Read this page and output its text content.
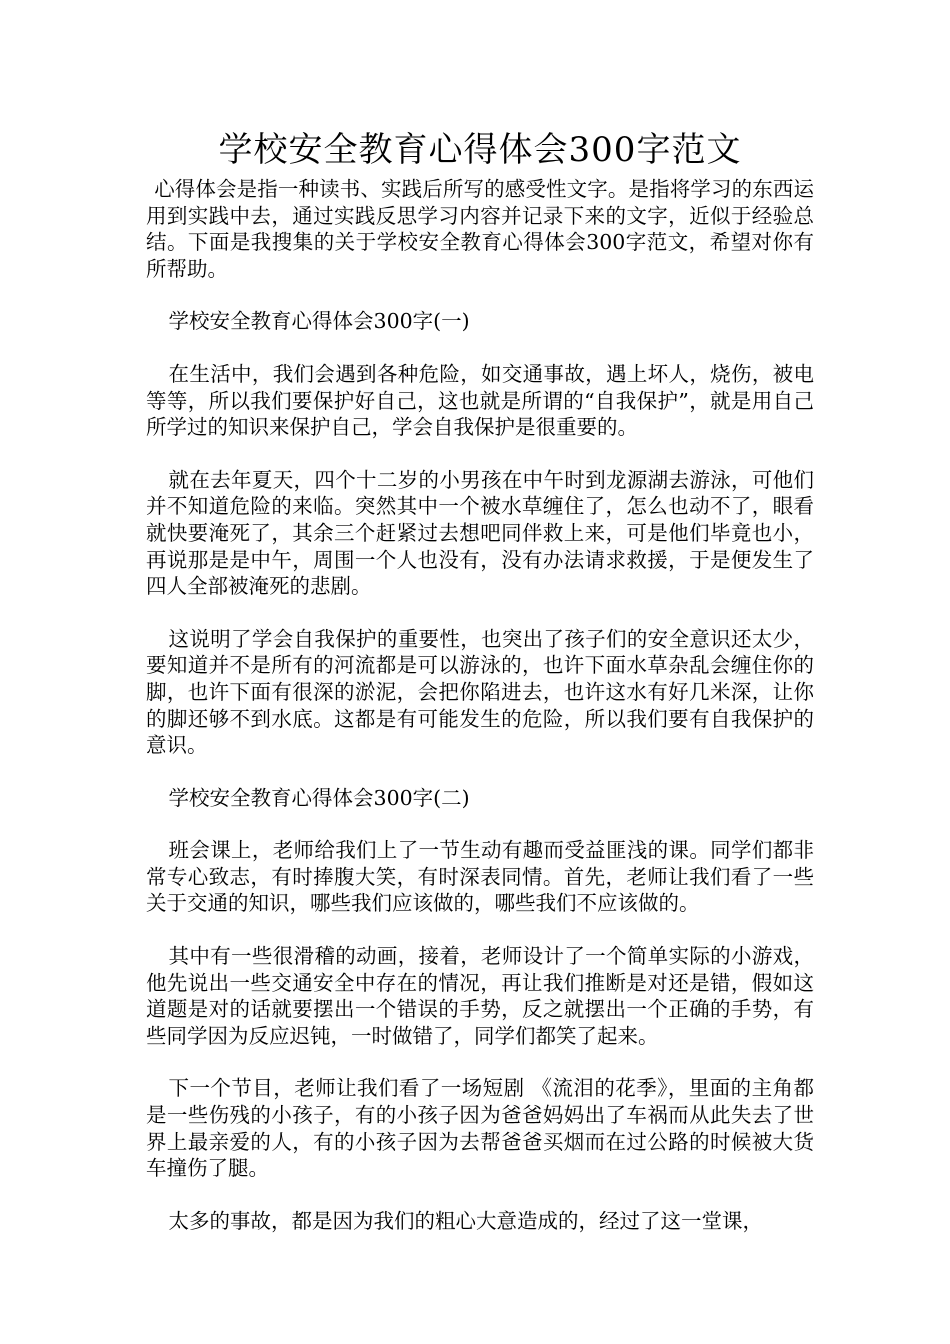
学校安全教育心得体会300字范文

心得体会是指一种读书、实践后所写的感受性文字。是指将学习的东西运用到实践中去，通过实践反思学习内容并记录下来的文字，近似于经验总结。下面是我搜集的关于学校安全教育心得体会300字范文，希望对你有所帮助。

学校安全教育心得体会300字(一)

在生活中，我们会遇到各种危险，如交通事故，遇上坏人，烧伤，被电等等，所以我们要保护好自己，这也就是所谓的“自我保护”，就是用自己所学过的知识来保护自己，学会自我保护是很重要的。

就在去年夏天，四个十二岁的小男孩在中午时到龙源湖去游泳，可他们并不知道危险的来临。突然其中一个被水草缠住了，怎么也动不了，眼看就快要淹死了，其余三个赶紧过去想吧同伴救上来，可是他们毕竟也小，再说那是是中午，周围一个人也没有，没有办法请求救援，于是便发生了四人全部被淹死的悲剧。

这说明了学会自我保护的重要性，也突出了孩子们的安全意识还太少，要知道并不是所有的河流都是可以游泳的，也许下面水草杂乱会缠住你的脚，也许下面有很深的淤泥，会把你陷进去，也许这水有好几米深，让你的脚还够不到水底。这都是有可能发生的危险，所以我们要有自我保护的意识。

学校安全教育心得体会300字(二)

班会课上，老师给我们上了一节生动有趣而受益匪浅的课。同学们都非常专心致志，有时捧腹大笑，有时深表同情。首先，老师让我们看了一些关于交通的知识，哪些我们应该做的，哪些我们不应该做的。

其中有一些很滑稽的动画，接着，老师设计了一个简单实际的小游戏，他先说出一些交通安全中存在的情况，再让我们推断是对还是错，假如这道题是对的话就要摆出一个错误的手势，反之就摆出一个正确的手势，有些同学因为反应迟钝，一时做错了，同学们都笑了起来。

下一个节目，老师让我们看了一场短剧 《流泪的花季》，里面的主角都是一些伤残的小孩子，有的小孩子因为爸爸妈妈出了车祸而从此失去了世界上最亲爱的人，有的小孩子因为去帮爸爸买烟而在过公路的时候被大货车撞伤了腿。

太多的事故，都是因为我们的粗心大意造成的，经过了这一堂课，
